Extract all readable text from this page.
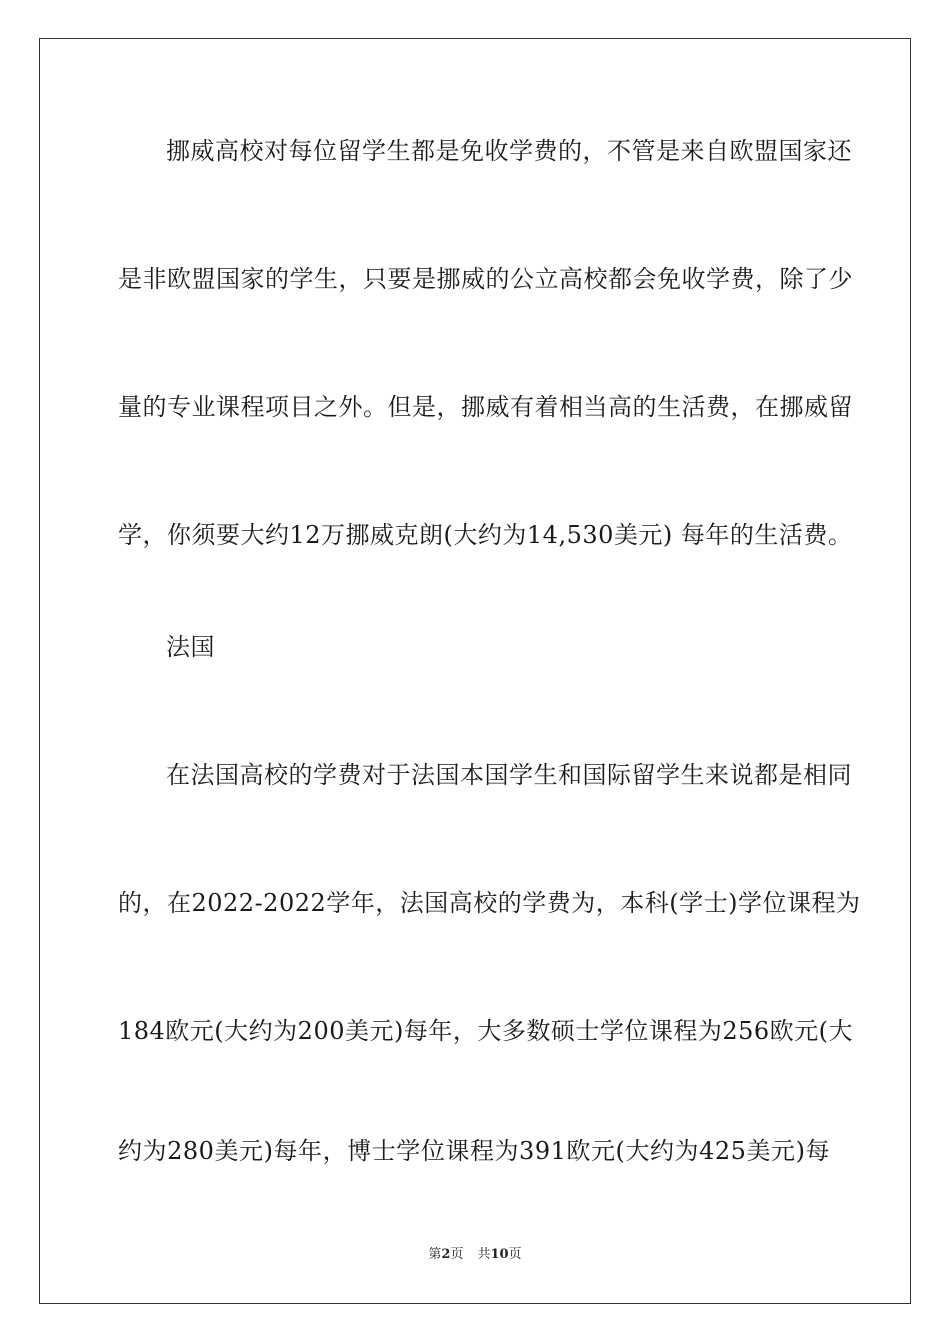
挪威高校对每位留学生都是免收学费的，不管是来自欧盟国家还
是非欧盟国家的学生，只要是挪威的公立高校都会免收学费，除了少
量的专业课程项目之外。但是，挪威有着相当高的生活费，在挪威留
学，你须要大约12万挪威克朗(大约为14,530美元) 每年的生活费。
法国
在法国高校的学费对于法国本国学生和国际留学生来说都是相同
的，在2022-2022学年，法国高校的学费为，本科(学士)学位课程为
184欧元(大约为200美元)每年，大多数硕士学位课程为256欧元(大
约为280美元)每年，博士学位课程为391欧元(大约为425美元)每
第2页 共10页
